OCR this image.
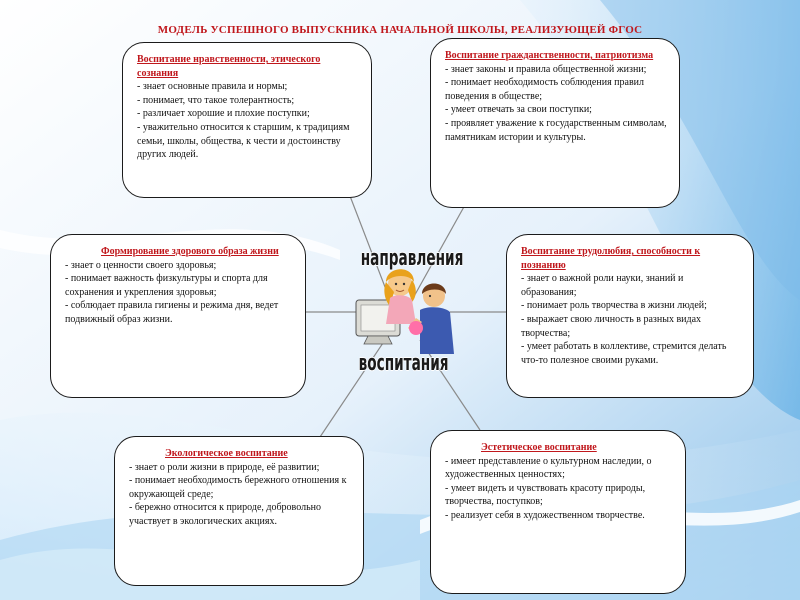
МОДЕЛЬ УСПЕШНОГО ВЫПУСКНИКА НАЧАЛЬНОЙ ШКОЛЫ, РЕАЛИЗУЮЩЕЙ ФГОС
Воспитание нравственности, этического сознания
- знает основные правила и нормы;
- понимает, что такое толерантность;
- различает хорошие и плохие поступки;
- уважительно относится к старшим, к традициям семьи, школы, общества, к чести и достоинству других людей.
Воспитание гражданственности, патриотизма
- знает законы и правила общественной жизни;
- понимает необходимость соблюдения правил поведения в обществе;
- умеет отвечать за свои поступки;
- проявляет уважение к государственным символам, памятникам истории и культуры.
Формирование здорового образа жизни
- знает о ценности своего здоровья;
- понимает важность физкультуры и спорта для сохранения и укрепления здоровья;
- соблюдает правила гигиены и режима дня, ведет подвижный образ жизни.
Воспитание трудолюбия, способности к познанию
- знает о важной роли науки, знаний и образования;
- понимает роль творчества в жизни людей;
- выражает свою личность в разных видах творчества;
- умеет работать в коллективе, стремится делать что-то полезное своими руками.
Экологическое воспитание
- знает о роли жизни в природе, её развитии;
- понимает необходимость бережного отношения к окружающей среде;
- бережно относится к природе, добровольно участвует в экологических акциях.
Эстетическое воспитание
- имеет представление о культурном наследии, о художественных ценностях;
- умеет видеть и чувствовать красоту природы, творчества, поступков;
- реализует себя в художественном творчестве.
направления
воспитания
